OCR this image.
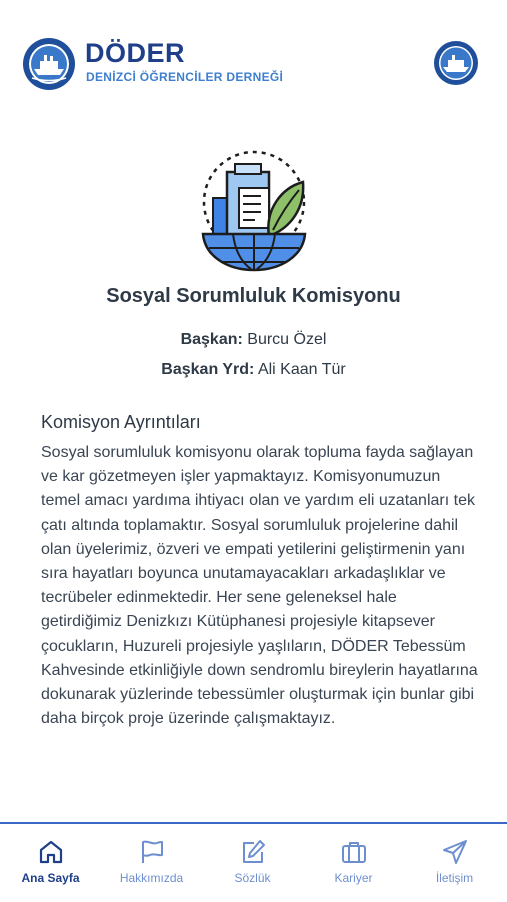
DÖDER
DENİZCİ ÖĞRENCİLER DERNEĞİ
Sosyal Sorumluluk Komisyonu
Başkan: Burcu Özel
Başkan Yrd: Ali Kaan Tür
Komisyon Ayrıntıları
Sosyal sorumluluk komisyonu olarak topluma fayda sağlayan ve kar gözetmeyen işler yapmaktayız. Komisyonumuzun temel amacı yardıma ihtiyacı olan ve yardım eli uzatanları tek çatı altında toplamaktır. Sosyal sorumluluk projelerine dahil olan üyelerimiz, özveri ve empati yetilerini geliştirmenin yanı sıra hayatları boyunca unutamayacakları arkadaşlıklar ve tecrübeler edinmektedir. Her sene geleneksel hale getirdiğimiz Denizkızı Kütüphanesi projesiyle kitapsever çocukların, Huzureli projesiyle yaşlıların, DÖDER Tebessüm Kahvesinde etkinliğiyle down sendromlu bireylerin hayatlarına dokunarak yüzlerinde tebessümler oluşturmak için bunlar gibi daha birçok proje üzerinde çalışmaktayız.
Ana Sayfa	Hakkımızda	Sözlük	Kariyer	İletişim
